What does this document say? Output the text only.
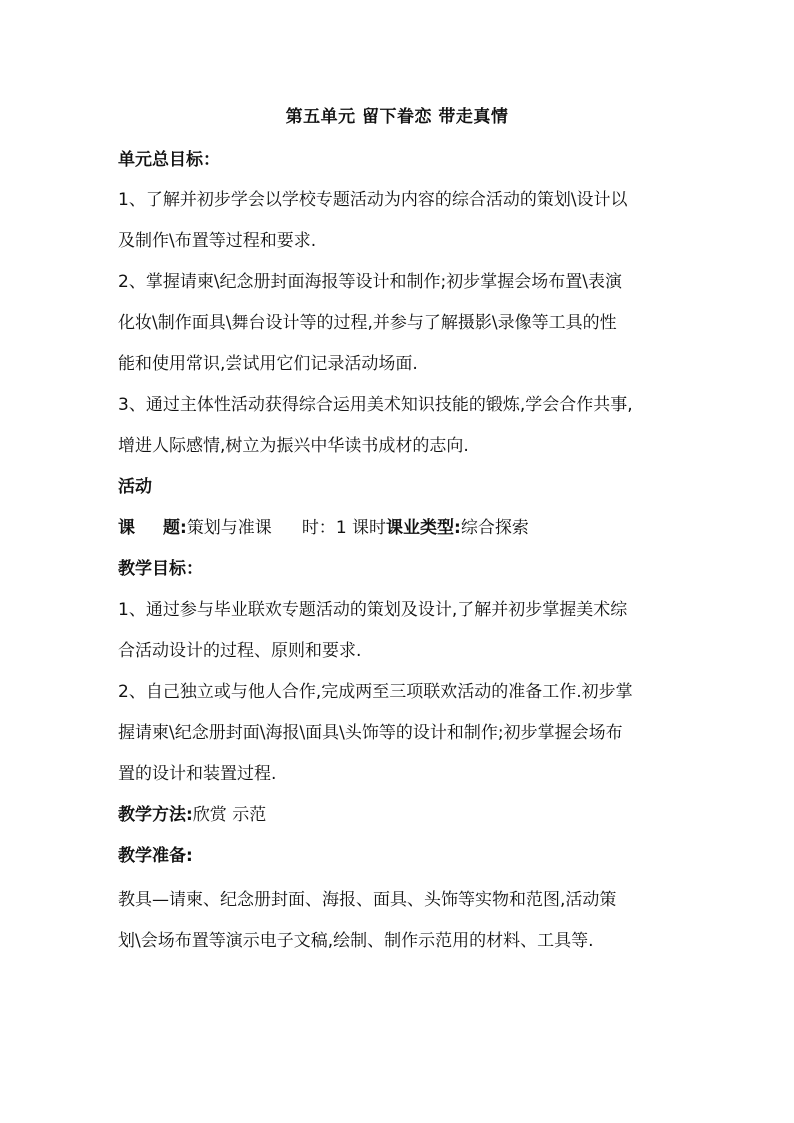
第五单元 留下眷恋 带走真情
单元总目标：
1、了解并初步学会以学校专题活动为内容的综合活动的策划\设计以
及制作\布置等过程和要求.
2、掌握请柬\纪念册封面海报等设计和制作;初步掌握会场布置\表演
化妆\制作面具\舞台设计等的过程,并参与了解摄影\录像等工具的性
能和使用常识,尝试用它们记录活动场面.
3、通过主体性活动获得综合运用美术知识技能的锻炼,学会合作共事,
增进人际感情,树立为振兴中华读书成材的志向.
活动
课 题:策划与准课 时：1 课时课业类型:综合探索
教学目标：
1、通过参与毕业联欢专题活动的策划及设计,了解并初步掌握美术综
合活动设计的过程、原则和要求.
2、自己独立或与他人合作,完成两至三项联欢活动的准备工作.初步掌
握请柬\纪念册封面\海报\面具\头饰等的设计和制作;初步掌握会场布
置的设计和装置过程.
教学方法:欣赏 示范
教学准备:
教具—请柬、纪念册封面、海报、面具、头饰等实物和范图,活动策
划\会场布置等演示电子文稿,绘制、制作示范用的材料、工具等.
